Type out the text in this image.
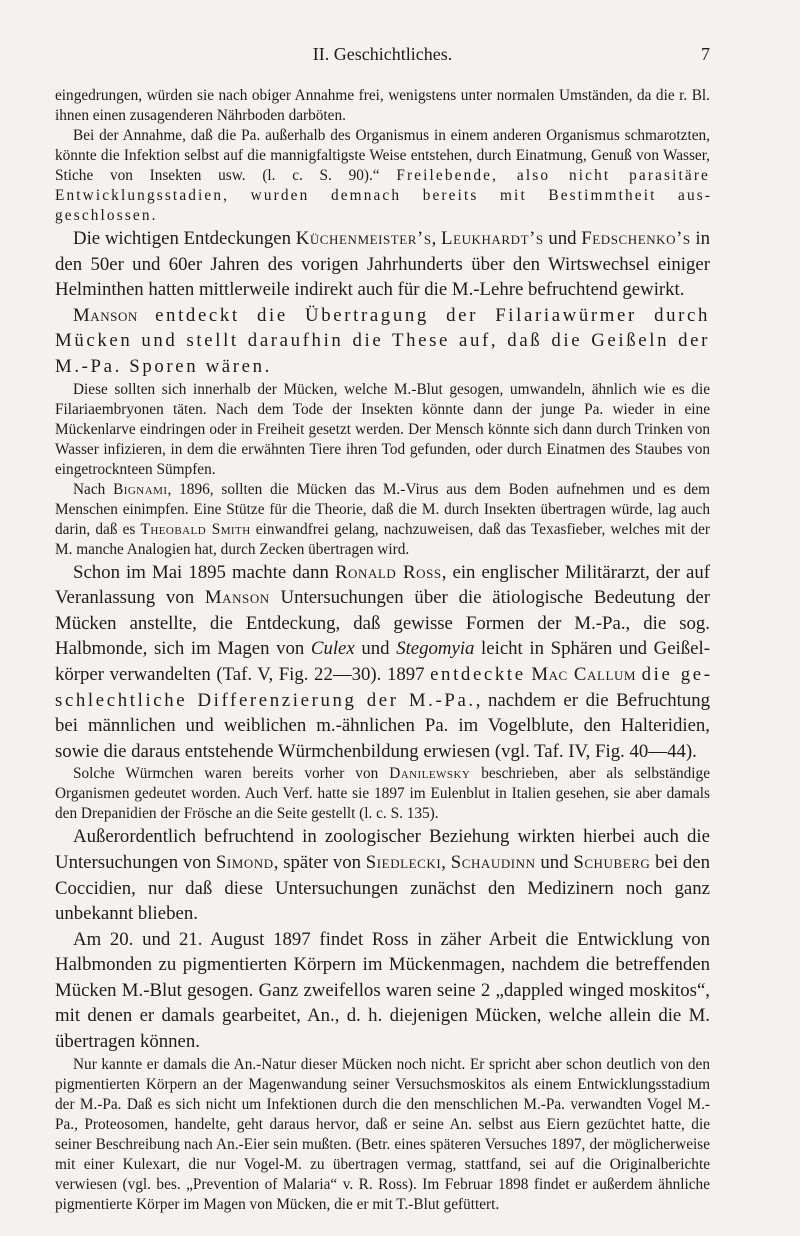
II. Geschichtliches.	7

eingedrungen, würden sie nach obiger Annahme frei, wenigstens unter normalen Umständen, da die r. Bl. ihnen einen zusagenderen Nährboden darböten.

Bei der Annahme, daß die Pa. außerhalb des Organismus in einem anderen Organismus schmarotzten, könnte die Infektion selbst auf die mannigfaltigste Weise entstehen, durch Einatmung, Genuß von Wasser, Stiche von Insekten usw. (l. c. S. 90).“ Freilebende, also nicht parasitäre Entwicklungsstadien, wurden demnach bereits mit Bestimmtheit ausgeschlossen.

Die wichtigen Entdeckungen Küchenmeister’s, Leukhardt’s und Fedschenko’s in den 50er und 60er Jahren des vorigen Jahrhunderts über den Wirtswechsel einiger Helminthen hatten mittlerweile indirekt auch für die M.-Lehre befruchtend gewirkt.

Manson entdeckt die Übertragung der Filariawürmer durch Mücken und stellt daraufhin die These auf, daß die Geißeln der M.-Pa. Sporen wären.

Diese sollten sich innerhalb der Mücken, welche M.-Blut gesogen, umwandeln, ähnlich wie es die Filariaembryonen täten. Nach dem Tode der Insekten könnte dann der junge Pa. wieder in eine Mückenlarve eindringen oder in Freiheit gesetzt werden. Der Mensch könnte sich dann durch Trinken von Wasser infizieren, in dem die erwähnten Tiere ihren Tod gefunden, oder durch Einatmen des Staubes von eingetrocknteen Sümpfen.

Nach Bignami, 1896, sollten die Mücken das M.-Virus aus dem Boden aufnehmen und es dem Menschen einimpfen. Eine Stütze für die Theorie, daß die M. durch Insekten übertragen würde, lag auch darin, daß es Theobald Smith einwandfrei gelang, nachzuweisen, daß das Texasfieber, welches mit der M. manche Analogien hat, durch Zecken übertragen wird.

Schon im Mai 1895 machte dann Ronald Ross, ein englischer Militärarzt, der auf Veranlassung von Manson Untersuchungen über die ätiologische Bedeutung der Mücken anstellte, die Entdeckung, daß gewisse Formen der M.-Pa., die sog. Halbmonde, sich im Magen von Culex und Stegomyia leicht in Sphären und Geißelkörper verwandelten (Taf. V, Fig. 22—30). 1897 entdeckte Mac Callum die geschlechtliche Differenzierung der M.-Pa., nachdem er die Befruchtung bei männlichen und weiblichen m.-ähnlichen Pa. im Vogelblute, den Halteridien, sowie die daraus entstehende Würmchenbildung erwiesen (vgl. Taf. IV, Fig. 40—44).

Solche Würmchen waren bereits vorher von Danilewsky beschrieben, aber als selbständige Organismen gedeutet worden. Auch Verf. hatte sie 1897 im Eulenblut in Italien gesehen, sie aber damals den Drepanidien der Frösche an die Seite gestellt (l. c. S. 135).

Außerordentlich befruchtend in zoologischer Beziehung wirkten hierbei auch die Untersuchungen von Simond, später von Siedlecki, Schaudinn und Schuberg bei den Coccidien, nur daß diese Untersuchungen zunächst den Medizinern noch ganz unbekannt blieben.

Am 20. und 21. August 1897 findet Ross in zäher Arbeit die Entwicklung von Halbmonden zu pigmentierten Körpern im Mückenmagen, nachdem die betreffenden Mücken M.-Blut gesogen. Ganz zweifellos waren seine 2 „dappled winged moskitos“, mit denen er damals gearbeitet, An., d. h. diejenigen Mücken, welche allein die M. übertragen können.

Nur kannte er damals die An.-Natur dieser Mücken noch nicht. Er spricht aber schon deutlich von den pigmentierten Körpern an der Magenwandung seiner Versuchsmoskitos als einem Entwicklungsstadium der M.-Pa. Daß es sich nicht um Infektionen durch die den menschlichen M.-Pa. verwandten Vogel M.-Pa., Proteosomen, handelte, geht daraus hervor, daß er seine An. selbst aus Eiern gezüchtet hatte, die seiner Beschreibung nach An.-Eier sein mußten. (Betr. eines späteren Versuches 1897, der möglicherweise mit einer Kulexart, die nur Vogel-M. zu übertragen vermag, stattfand, sei auf die Originalberichte verwiesen (vgl. bes. „Prevention of Malaria“ v. R. Ross). Im Februar 1898 findet er außerdem ähnliche pigmentierte Körper im Magen von Mücken, die er mit T.-Blut gefüttert.
